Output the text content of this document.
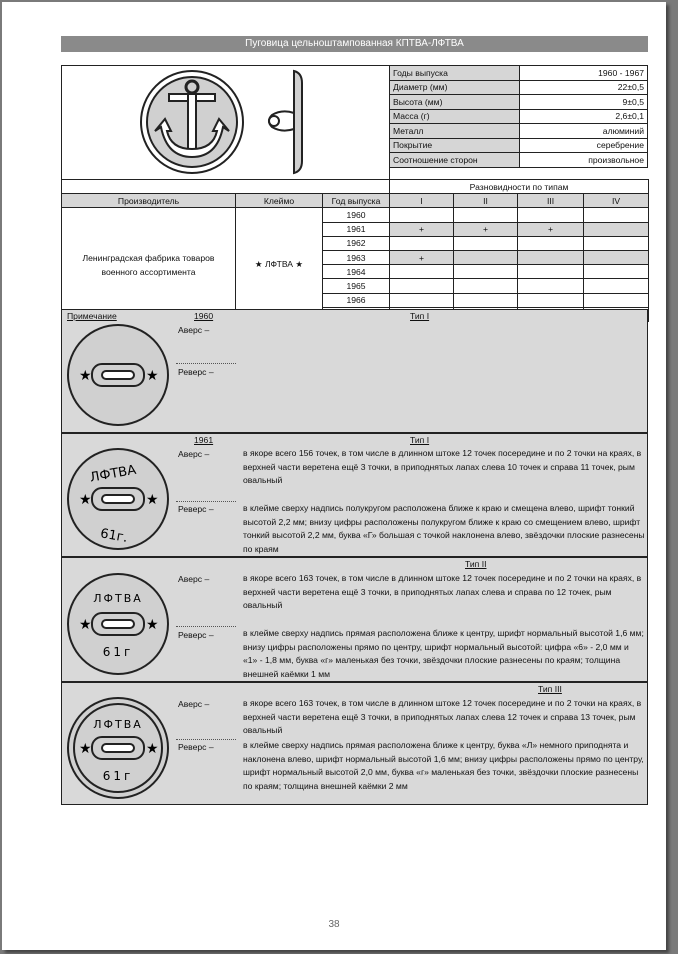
Пуговица цельноштампованная КПТВА-ЛФТВА
Годы выпуска	1960 - 1967
Диаметр (мм)	22±0,5
Высота (мм)	9±0,5
Масса (г)	2,6±0,1
Металл	алюминий
Покрытие	серебрение
Соотношение сторон	произвольное
			Разновидности по типам			
Производитель	Клеймо	Год выпуска	I	II	III	IV
Ленинградская фабрика товаров военного ассортимента	★ ЛФТВА ★	1960				
		1961	+	+	+	
		1962				
		1963	+			
		1964				
		1965				
		1966				

Примечание	1960	Тип I
Аверс –
Реверс –
★	★
1961	Тип I
Аверс –	в якоре всего 156 точек, в том числе в длинном штоке 12 точек посередине и по 2 точки на краях, в верхней части веретена ещё 3 точки, в приподнятых лапах слева 10 точек и справа 11 точек, рым овальный
Реверс –	в клейме сверху надпись полукругом расположена ближе к краю и смещена влево, шрифт тонкий высотой 2,2 мм; внизу цифры расположены полукругом ближе к краю со смещением влево, шрифт тонкий высотой 2,2 мм, буква «Г» большая с точкой наклонена влево, звёздочки плоские разнесены по краям
★	★
ЛФТВА
61г.
Тип II
Аверс –	в якоре всего 163 точек, в том числе в длинном штоке 12 точек посередине и по 2 точки на краях, в верхней части веретена ещё 3 точки, в приподнятых лапах слева и справа по 12 точек, рым овальный
Реверс –	в клейме сверху надпись прямая расположена ближе к центру, шрифт нормальный высотой 1,6 мм; внизу цифры расположены прямо по центру, шрифт нормальный высотой: цифра «6» - 2,0 мм и «1» - 1,8 мм, буква «г» маленькая без точки, звёздочки плоские разнесены по краям; толщина внешней каёмки 1 мм
★	★
ЛФТВА
61г
Тип III
Аверс –	в якоре всего 163 точек, в том числе в длинном штоке 12 точек посередине и по 2 точки на краях, в верхней части веретена ещё 3 точки, в приподнятых лапах слева 12 точек и справа 13 точек, рым овальный
Реверс –	в клейме сверху надпись прямая расположена ближе к центру, буква «Л» немного приподнята и наклонена влево, шрифт нормальный высотой 1,6 мм; внизу цифры расположены прямо по центру, шрифт нормальный высотой 2,0 мм, буква «г» маленькая без точки, звёздочки плоские разнесены по краям; толщина внешней каёмки 2 мм
★	★
ЛФТВА
61г
38
